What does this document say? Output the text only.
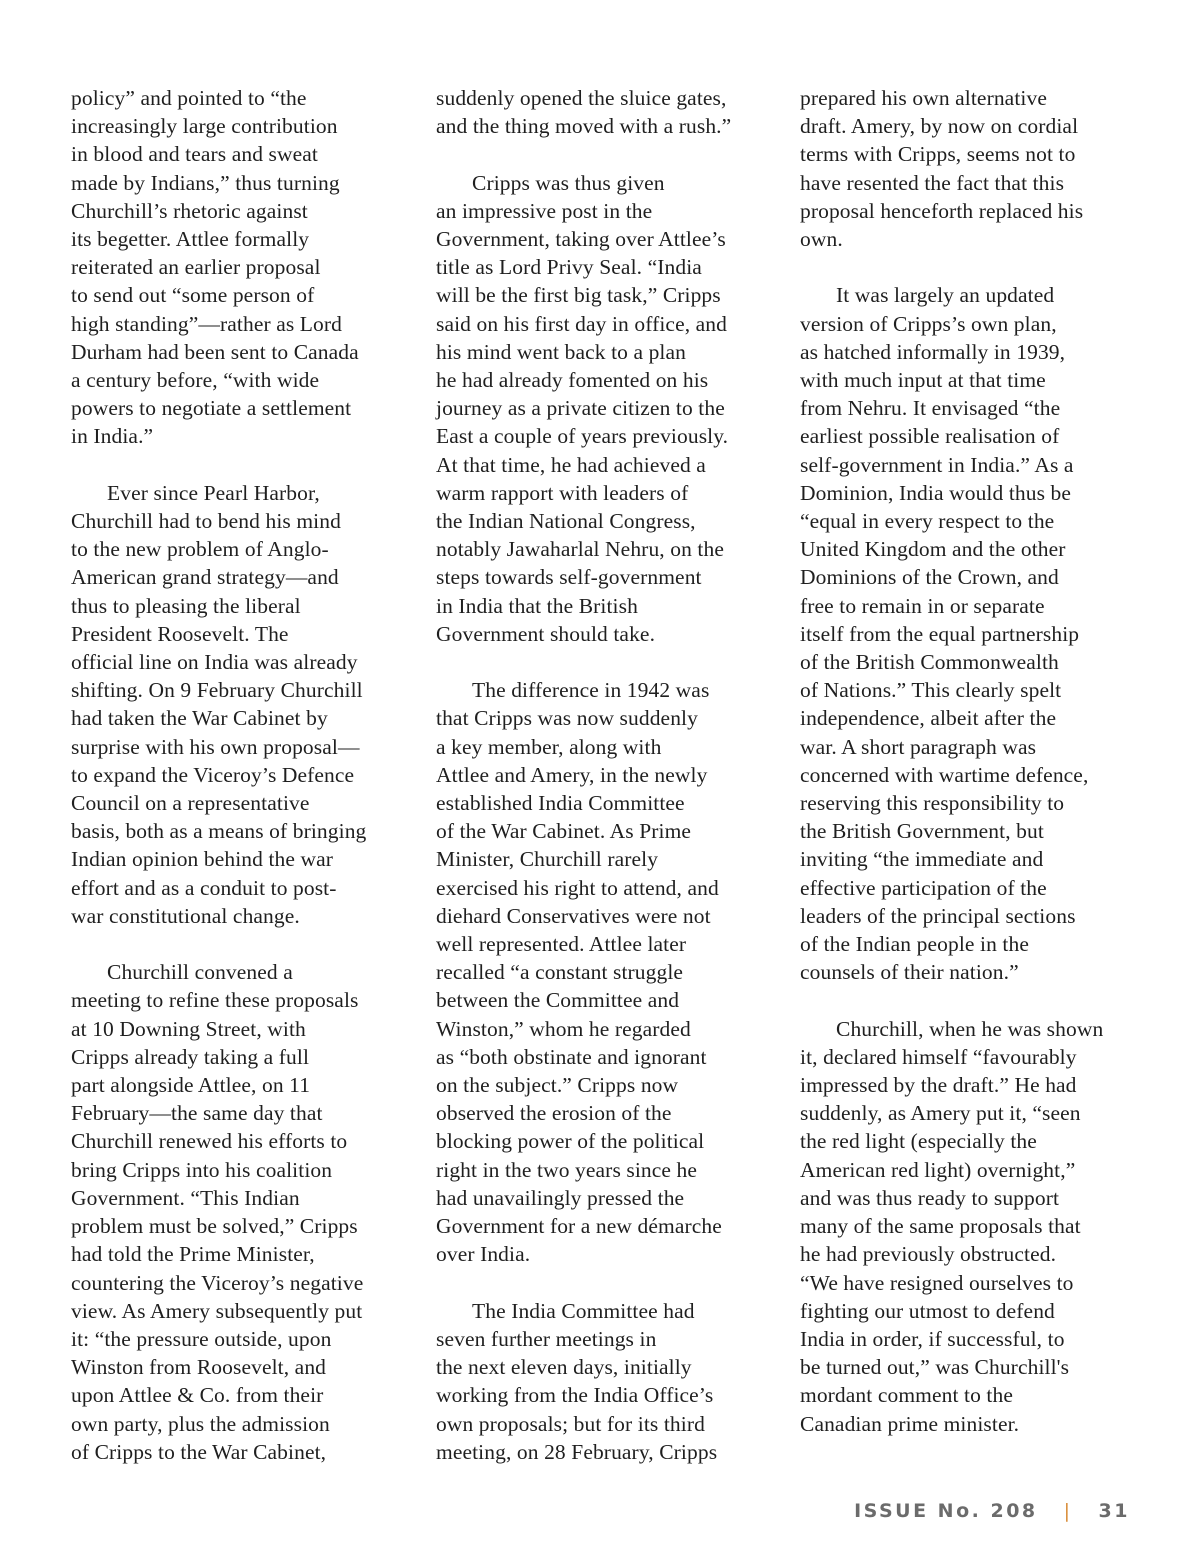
policy” and pointed to “the
increasingly large contribution
in blood and tears and sweat
made by Indians,” thus turning
Churchill’s rhetoric against
its begetter. Attlee formally
reiterated an earlier proposal
to send out “some person of
high standing”—rather as Lord
Durham had been sent to Canada
a century before, “with wide
powers to negotiate a settlement
in India.”

Ever since Pearl Harbor,
Churchill had to bend his mind
to the new problem of Anglo-
American grand strategy—and
thus to pleasing the liberal
President Roosevelt. The
official line on India was already
shifting. On 9 February Churchill
had taken the War Cabinet by
surprise with his own proposal—
to expand the Viceroy’s Defence
Council on a representative
basis, both as a means of bringing
Indian opinion behind the war
effort and as a conduit to post-
war constitutional change.

Churchill convened a
meeting to refine these proposals
at 10 Downing Street, with
Cripps already taking a full
part alongside Attlee, on 11
February—the same day that
Churchill renewed his efforts to
bring Cripps into his coalition
Government. “This Indian
problem must be solved,” Cripps
had told the Prime Minister,
countering the Viceroy’s negative
view. As Amery subsequently put
it: “the pressure outside, upon
Winston from Roosevelt, and
upon Attlee & Co. from their
own party, plus the admission
of Cripps to the War Cabinet,

suddenly opened the sluice gates,
and the thing moved with a rush.”

Cripps was thus given
an impressive post in the
Government, taking over Attlee’s
title as Lord Privy Seal. “India
will be the first big task,” Cripps
said on his first day in office, and
his mind went back to a plan
he had already fomented on his
journey as a private citizen to the
East a couple of years previously.
At that time, he had achieved a
warm rapport with leaders of
the Indian National Congress,
notably Jawaharlal Nehru, on the
steps towards self-government
in India that the British
Government should take.

The difference in 1942 was
that Cripps was now suddenly
a key member, along with
Attlee and Amery, in the newly
established India Committee
of the War Cabinet. As Prime
Minister, Churchill rarely
exercised his right to attend, and
diehard Conservatives were not
well represented. Attlee later
recalled “a constant struggle
between the Committee and
Winston,” whom he regarded
as “both obstinate and ignorant
on the subject.” Cripps now
observed the erosion of the
blocking power of the political
right in the two years since he
had unavailingly pressed the
Government for a new démarche
over India.

The India Committee had
seven further meetings in
the next eleven days, initially
working from the India Office’s
own proposals; but for its third
meeting, on 28 February, Cripps

prepared his own alternative
draft. Amery, by now on cordial
terms with Cripps, seems not to
have resented the fact that this
proposal henceforth replaced his
own.

It was largely an updated
version of Cripps’s own plan,
as hatched informally in 1939,
with much input at that time
from Nehru. It envisaged “the
earliest possible realisation of
self-government in India.” As a
Dominion, India would thus be
“equal in every respect to the
United Kingdom and the other
Dominions of the Crown, and
free to remain in or separate
itself from the equal partnership
of the British Commonwealth
of Nations.” This clearly spelt
independence, albeit after the
war. A short paragraph was
concerned with wartime defence,
reserving this responsibility to
the British Government, but
inviting “the immediate and
effective participation of the
leaders of the principal sections
of the Indian people in the
counsels of their nation.”

Churchill, when he was shown
it, declared himself “favourably
impressed by the draft.” He had
suddenly, as Amery put it, “seen
the red light (especially the
American red light) overnight,”
and was thus ready to support
many of the same proposals that
he had previously obstructed.
“We have resigned ourselves to
fighting our utmost to defend
India in order, if successful, to
be turned out,” was Churchill's
mordant comment to the
Canadian prime minister.

ISSUE No. 208 | 31
